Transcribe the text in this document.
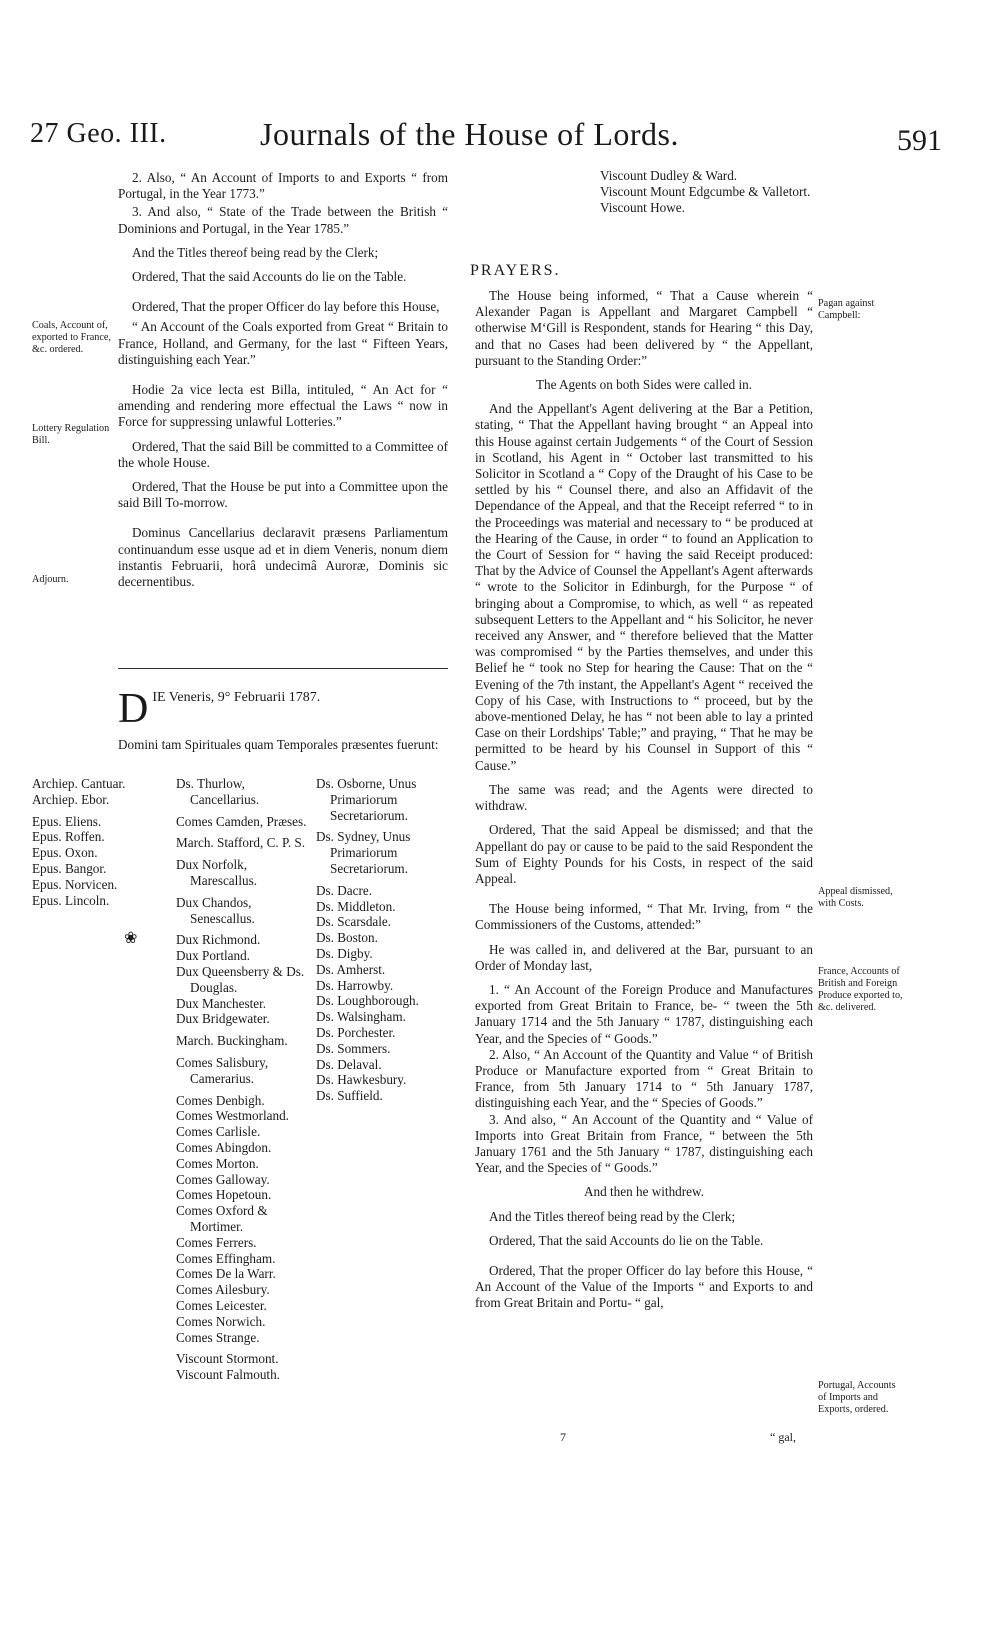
27 Geo. III.	Journals of the House of Lords.	591
Coals, Account of, exported to France, &c. ordered.
Lottery Regulation Bill.
Adjourn.

2. Also, “ An Account of Imports to and Exports “ from Portugal, in the Year 1773.”

3. And also, “ State of the Trade between the British “ Dominions and Portugal, in the Year 1785.”

And the Titles thereof being read by the Clerk;

Ordered, That the said Accounts do lie on the Table.

Ordered, That the proper Officer do lay before this House,

“ An Account of the Coals exported from Great “ Britain to France, Holland, and Germany, for the last “ Fifteen Years, distinguishing each Year.”

Hodie 2a vice lecta est Billa, intituled, “ An Act for “ amending and rendering more effectual the Laws “ now in Force for suppressing unlawful Lotteries.”

Ordered, That the said Bill be committed to a Committee of the whole House.

Ordered, That the House be put into a Committee upon the said Bill To-morrow.

Dominus Cancellarius declaravit præsens Parliamentum continuandum esse usque ad et in diem Veneris, nonum diem instantis Februarii, horâ undecimâ Auroræ, Dominis sic decernentibus.

D IE Veneris, 9° Februarii 1787.
Domini tam Spirituales quam Temporales præsentes fuerunt:
Archiep. Cantuar.
Archiep. Ebor.
Epus. Eliens.
Epus. Roffen.
Epus. Oxon.
Epus. Bangor.
Epus. Norvicen.
Epus. Lincoln.
❀
Ds. Thurlow, Cancellarius.
Comes Camden, Præses.
March. Stafford, C. P. S.
Dux Norfolk, Marescallus.
Dux Chandos, Senescallus.
Dux Richmond.
Dux Portland.
Dux Queensberry & Ds. Douglas.
Dux Manchester.
Dux Bridgewater.
March. Buckingham.
Comes Salisbury, Camerarius.
Comes Denbigh.
Comes Westmorland.
Comes Carlisle.
Comes Abingdon.
Comes Morton.
Comes Galloway.
Comes Hopetoun.
Comes Oxford & Mortimer.
Comes Ferrers.
Comes Effingham.
Comes De la Warr.
Comes Ailesbury.
Comes Leicester.
Comes Norwich.
Comes Strange.
Viscount Stormont.
Viscount Falmouth.
Ds. Osborne, Unus Primariorum Secretariorum.
Ds. Sydney, Unus Primariorum Secretariorum.
Ds. Dacre.
Ds. Middleton.
Ds. Scarsdale.
Ds. Boston.
Ds. Digby.
Ds. Amherst.
Ds. Harrowby.
Ds. Loughborough.
Ds. Walsingham.
Ds. Porchester.
Ds. Sommers.
Ds. Delaval.
Ds. Hawkesbury.
Ds. Suffield.
Viscount Dudley & Ward.
Viscount Mount Edgcumbe & Valletort.
Viscount Howe.
PRAYERS.

The House being informed, “ That a Cause wherein “ Alexander Pagan is Appellant and Margaret Campbell “ otherwise M‘Gill is Respondent, stands for Hearing “ this Day, and that no Cases had been delivered by “ the Appellant, pursuant to the Standing Order:”

The Agents on both Sides were called in.

And the Appellant's Agent delivering at the Bar a Petition, stating, “ That the Appellant having brought “ an Appeal into this House against certain Judgements “ of the Court of Session in Scotland, his Agent in “ October last transmitted to his Solicitor in Scotland a “ Copy of the Draught of his Case to be settled by his “ Counsel there, and also an Affidavit of the Dependance of the Appeal, and that the Receipt referred “ to in the Proceedings was material and necessary to “ be produced at the Hearing of the Cause, in order “ to found an Application to the Court of Session for “ having the said Receipt produced: That by the Advice of Counsel the Appellant's Agent afterwards “ wrote to the Solicitor in Edinburgh, for the Purpose “ of bringing about a Compromise, to which, as well “ as repeated subsequent Letters to the Appellant and “ his Solicitor, he never received any Answer, and “ therefore believed that the Matter was compromised “ by the Parties themselves, and under this Belief he “ took no Step for hearing the Cause: That on the “ Evening of the 7th instant, the Appellant's Agent “ received the Copy of his Case, with Instructions to “ proceed, but by the above-mentioned Delay, he has “ not been able to lay a printed Case on their Lordships' Table;” and praying, “ That he may be permitted to be heard by his Counsel in Support of this “ Cause.”

The same was read; and the Agents were directed to withdraw.

Ordered, That the said Appeal be dismissed; and that the Appellant do pay or cause to be paid to the said Respondent the Sum of Eighty Pounds for his Costs, in respect of the said Appeal.

The House being informed, “ That Mr. Irving, from “ the Commissioners of the Customs, attended:”

He was called in, and delivered at the Bar, pursuant to an Order of Monday last,

1. “ An Account of the Foreign Produce and Manufactures exported from Great Britain to France, be- “ tween the 5th January 1714 and the 5th January “ 1787, distinguishing each Year, and the Species of “ Goods.”

2. Also, “ An Account of the Quantity and Value “ of British Produce or Manufacture exported from “ Great Britain to France, from 5th January 1714 to “ 5th January 1787, distinguishing each Year, and the “ Species of Goods.”

3. And also, “ An Account of the Quantity and “ Value of Imports into Great Britain from France, “ between the 5th January 1761 and the 5th January “ 1787, distinguishing each Year, and the Species of “ Goods.”

And then he withdrew.

And the Titles thereof being read by the Clerk;

Ordered, That the said Accounts do lie on the Table.

Ordered, That the proper Officer do lay before this House, “ An Account of the Value of the Imports “ and Exports to and from Great Britain and Portu- “ gal,

Pagan against Campbell:
Appeal dismissed, with Costs.
France, Accounts of British and Foreign Produce exported to, &c. delivered.
Portugal, Accounts of Imports and Exports, ordered.
7	“ gal,
